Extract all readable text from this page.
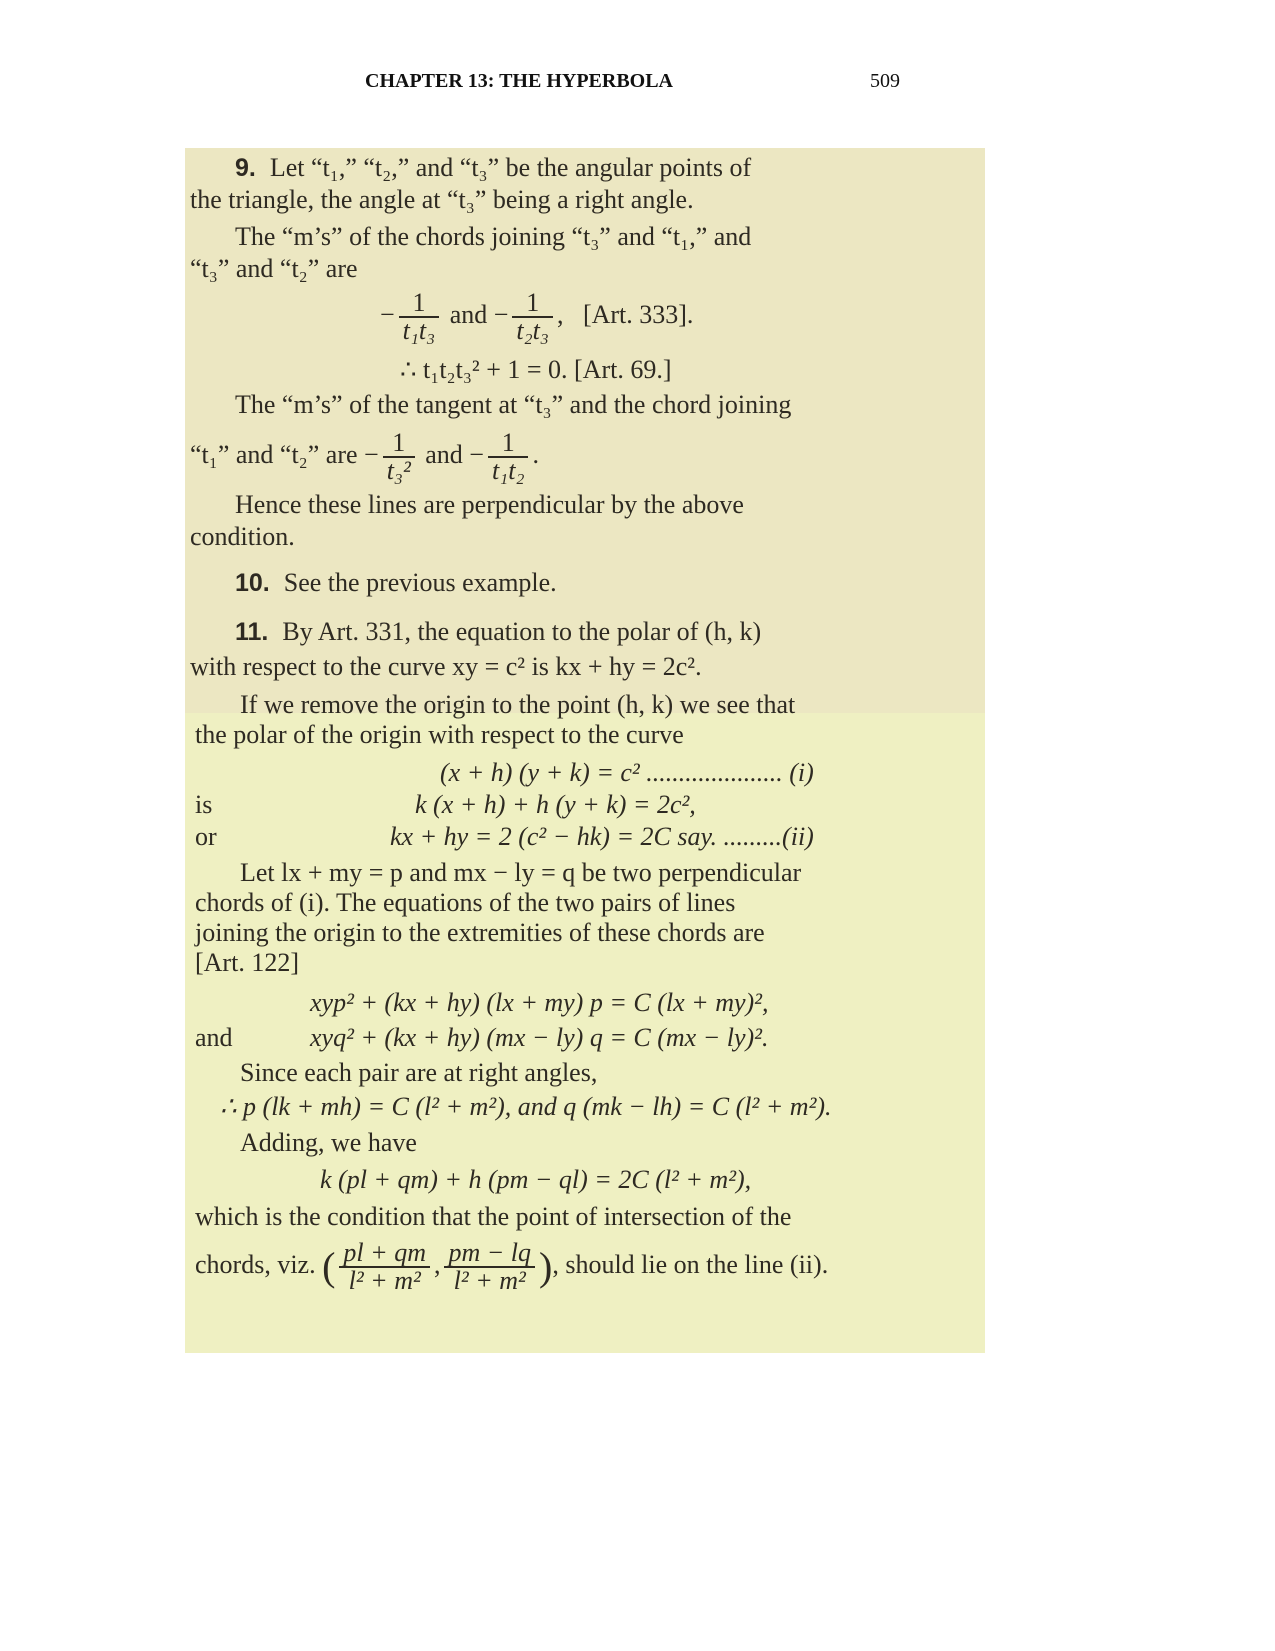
CHAPTER 13: THE HYPERBOLA	509
9. Let “t₁,” “t₂,” and “t₃” be the angular points of
the triangle, the angle at “t₃” being a right angle.
The “m’s” of the chords joining “t₃” and “t₁,” and
“t₃” and “t₂” are
− $\frac{1}{\text{t₁t₃}}$ and − $\frac{1}{\text{t₂t₃}}$ ,   [Art. 333].
∴ t₁t₂t₃² + 1 = 0. [Art. 69.]
The “m’s” of the tangent at “t₃” and the chord joining
“t₁” and “t₂” are − $\frac{1}{\text{t₃²}}$ and − $\frac{1}{\text{t₁t₂}}$ .
Hence these lines are perpendicular by the above
condition.
10. See the previous example.
11. By Art. 331, the equation to the polar of (h, k)
with respect to the curve xy = c² is kx + hy = 2c².
If we remove the origin to the point (h, k) we see that
the polar of the origin with respect to the curve
(x + h) (y + k) = c² ..................... (i)
is	k (x + h) + h (y + k) = 2c²,
or	kx + hy = 2 (c² − hk) = 2C say. .........(ii)
Let lx + my = p and mx − ly = q be two perpendicular
chords of (i). The equations of the two pairs of lines
joining the origin to the extremities of these chords are
[Art. 122]
xyp² + (kx + hy) (lx + my) p = C (lx + my)²,
and	xyq² + (kx + hy) (mx − ly) q = C (mx − ly)².
Since each pair are at right angles,
∴ p (lk + mh) = C (l² + m²), and q (mk − lh) = C (l² + m²).
Adding, we have
k (pl + qm) + h (pm − ql) = 2C (l² + m²),
which is the condition that the point of intersection of the
chords, viz. ( $\frac{pl + qm}{\text{l² + m²}}$ , $\frac{pm - lq}{\text{l² + m²}}$ ), should lie on the line (ii).
